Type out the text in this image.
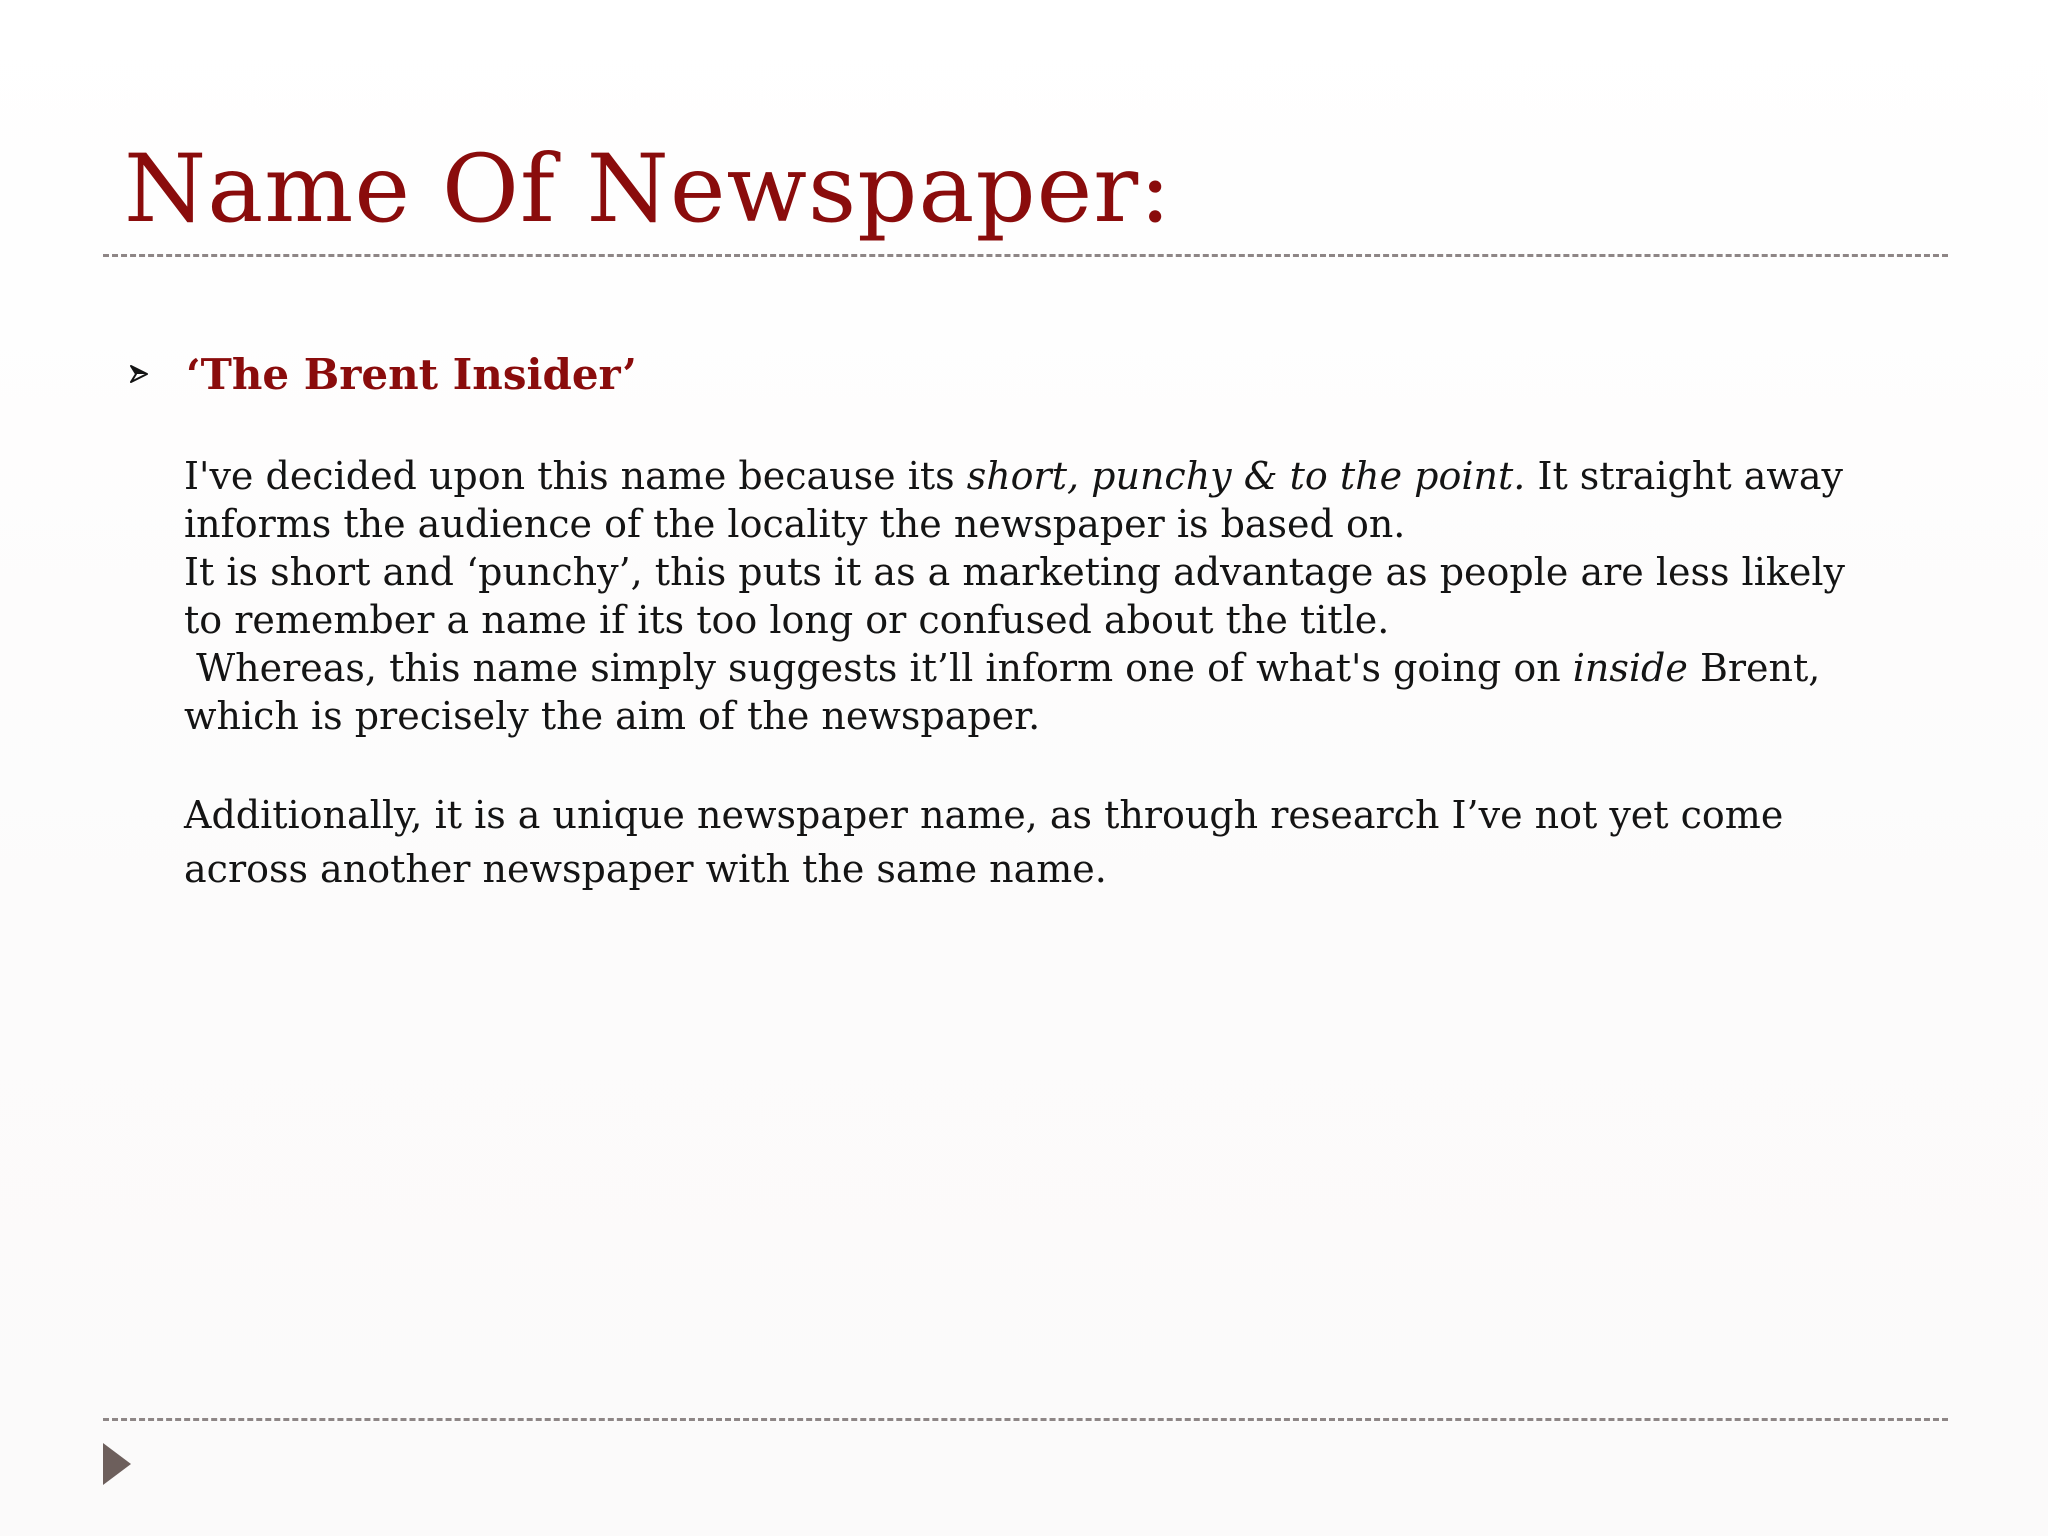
Name Of Newspaper:
‘The Brent Insider’

I've decided upon this name because its short, punchy & to the point. It straight away

informs the audience of the locality the newspaper is based on.

It is short and ‘punchy’, this puts it as a marketing advantage as people are less likely

to remember a name if its too long or confused about the title.

Whereas, this name simply suggests it’ll inform one of what's going on inside Brent,

which is precisely the aim of the newspaper.

Additionally, it is a unique newspaper name, as through research I’ve not yet come

across another newspaper with the same name.
